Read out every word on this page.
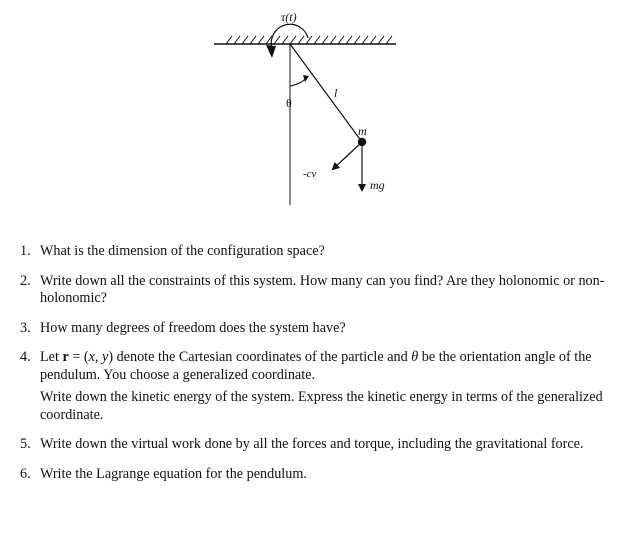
τ(t)
θ
l
m
-cv
mg
1. What is the dimension of the configuration space?

2. Write down all the constraints of this system. How many can you find? Are they holonomic or non-holonomic?

3. How many degrees of freedom does the system have?

4. Let r = (x, y) denote the Cartesian coordinates of the particle and θ be the orientation angle of the pendulum. You choose a generalized coordinate.

Write down the kinetic energy of the system. Express the kinetic energy in terms of the generalized coordinate.

5. Write down the virtual work done by all the forces and torque, including the gravitational force.

6. Write the Lagrange equation for the pendulum.
